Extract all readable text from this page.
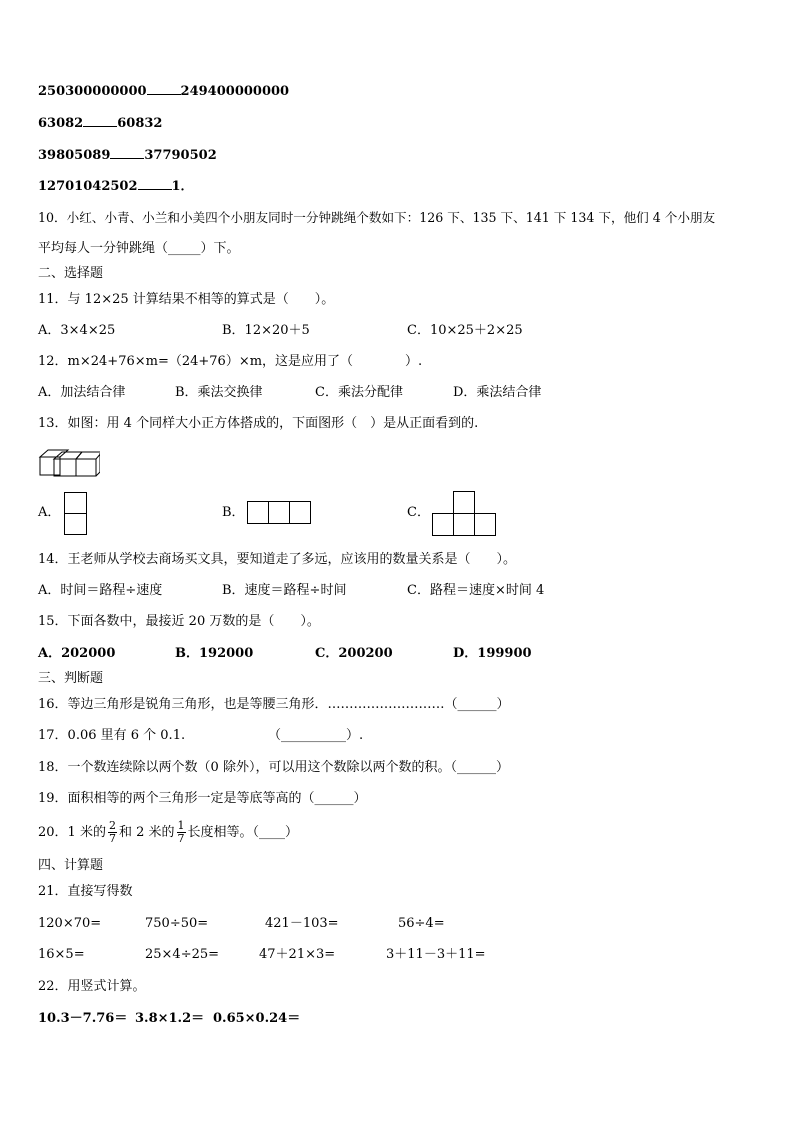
250300000000	249400000000
63082	60832
39805089	37790502
12701042502	1．
10．小红、小青、小兰和小美四个小朋友同时一分钟跳绳个数如下：126 下、135 下、141 下 134 下，他们 4 个小朋友
平均每人一分钟跳绳（_____）下。
二、选择题
11．与 12×25 计算结果不相等的算式是（　　）。
A．3×4×25	B．12×20＋5	C．10×25＋2×25
12．m×24+76×m=（24+76）×m，这是应用了（　　　　）.
A．加法结合律	B．乘法交换律	C．乘法分配律	D．乘法结合律
13．如图：用 4 个同样大小正方体搭成的，下面图形（　）是从正面看到的.
A．	B．	C．
14．王老师从学校去商场买文具，要知道走了多远，应该用的数量关系是（　　）。
A．时间＝路程÷速度	B．速度＝路程÷时间	C．路程＝速度×时间 4
15．下面各数中，最接近 20 万数的是（　　）。
A．202000	B．192000	C．200200	D．199900
三、判断题
16．等边三角形是锐角三角形，也是等腰三角形．………………………（______）
17．0.06 里有 6 个 0.1.	（__________）.
18．一个数连续除以两个数（0 除外），可以用这个数除以两个数的积。（______）
19．面积相等的两个三角形一定是等底等高的（______）
20．1 米的 $\frac{2}{7}$ 和 2 米的 $\frac{1}{7}$ 长度相等。（____）
四、计算题
21．直接写得数
120×70=	750÷50=	421－103=	56÷4=
16×5=	25×4÷25=	47＋21×3=	3＋11－3＋11=
22．用竖式计算。
10.3－7.76＝ 3.8×1.2＝ 0.65×0.24＝
